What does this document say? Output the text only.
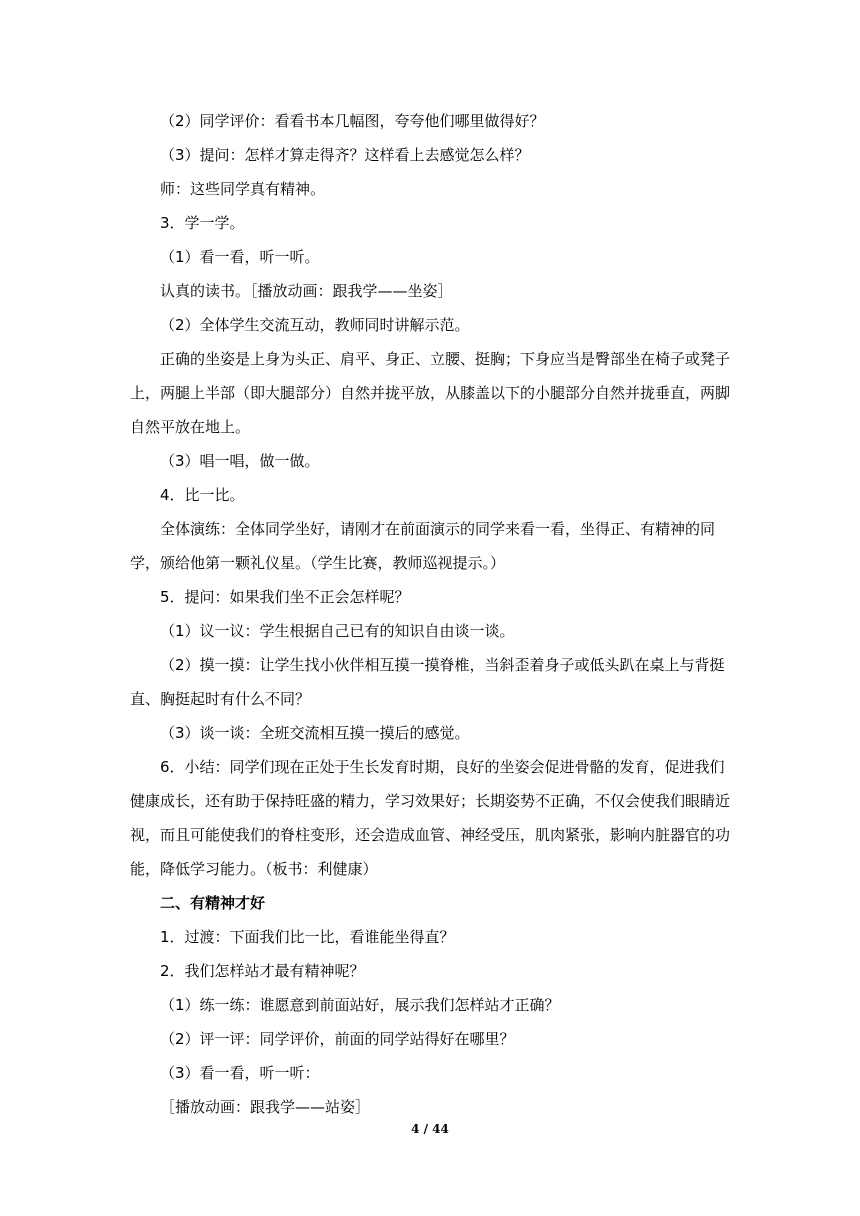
（2）同学评价：看看书本几幅图，夸夸他们哪里做得好？

（3）提问：怎样才算走得齐？这样看上去感觉怎么样？

师：这些同学真有精神。

3．学一学。

（1）看一看，听一听。

认真的读书。［播放动画：跟我学——坐姿］

（2）全体学生交流互动，教师同时讲解示范。

正确的坐姿是上身为头正、肩平、身正、立腰、挺胸；下身应当是臀部坐在椅子或凳子上，两腿上半部（即大腿部分）自然并拢平放，从膝盖以下的小腿部分自然并拢垂直，两脚自然平放在地上。

（3）唱一唱，做一做。

4．比一比。

全体演练：全体同学坐好，请刚才在前面演示的同学来看一看，坐得正、有精神的同学，颁给他第一颗礼仪星。（学生比赛，教师巡视提示。）

5．提问：如果我们坐不正会怎样呢？

（1）议一议：学生根据自己已有的知识自由谈一谈。

（2）摸一摸：让学生找小伙伴相互摸一摸脊椎，当斜歪着身子或低头趴在桌上与背挺直、胸挺起时有什么不同？

（3）谈一谈：全班交流相互摸一摸后的感觉。

6．小结：同学们现在正处于生长发育时期，良好的坐姿会促进骨骼的发育，促进我们健康成长，还有助于保持旺盛的精力，学习效果好；长期姿势不正确，不仅会使我们眼睛近视，而且可能使我们的脊柱变形，还会造成血管、神经受压，肌肉紧张，影响内脏器官的功能，降低学习能力。（板书：利健康）

二、有精神才好

1．过渡：下面我们比一比，看谁能坐得直？

2．我们怎样站才最有精神呢？

（1）练一练：谁愿意到前面站好，展示我们怎样站才正确？

（2）评一评：同学评价，前面的同学站得好在哪里？

（3）看一看，听一听：

［播放动画：跟我学——站姿］

4 / 44
